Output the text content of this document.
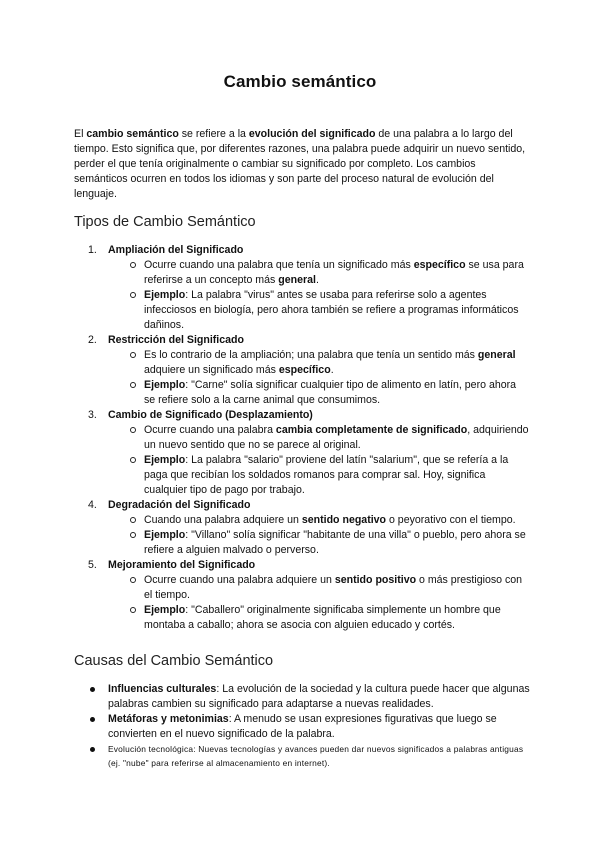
Cambio semántico

El cambio semántico se refiere a la evolución del significado de una palabra a lo largo del tiempo. Esto significa que, por diferentes razones, una palabra puede adquirir un nuevo sentido, perder el que tenía originalmente o cambiar su significado por completo. Los cambios semánticos ocurren en todos los idiomas y son parte del proceso natural de evolución del lenguaje.

Tipos de Cambio Semántico
1. Ampliación del Significado
Ocurre cuando una palabra que tenía un significado más específico se usa para referirse a un concepto más general.
Ejemplo: La palabra "virus" antes se usaba para referirse solo a agentes infecciosos en biología, pero ahora también se refiere a programas informáticos dañinos.
2. Restricción del Significado
Es lo contrario de la ampliación; una palabra que tenía un sentido más general adquiere un significado más específico.
Ejemplo: "Carne" solía significar cualquier tipo de alimento en latín, pero ahora se refiere solo a la carne animal que consumimos.
3. Cambio de Significado (Desplazamiento)
Ocurre cuando una palabra cambia completamente de significado, adquiriendo un nuevo sentido que no se parece al original.
Ejemplo: La palabra "salario" proviene del latín "salarium", que se refería a la paga que recibían los soldados romanos para comprar sal. Hoy, significa cualquier tipo de pago por trabajo.
4. Degradación del Significado
Cuando una palabra adquiere un sentido negativo o peyorativo con el tiempo.
Ejemplo: "Villano" solía significar "habitante de una villa" o pueblo, pero ahora se refiere a alguien malvado o perverso.
5. Mejoramiento del Significado
Ocurre cuando una palabra adquiere un sentido positivo o más prestigioso con el tiempo.
Ejemplo: "Caballero" originalmente significaba simplemente un hombre que montaba a caballo; ahora se asocia con alguien educado y cortés.
Causas del Cambio Semántico
Influencias culturales: La evolución de la sociedad y la cultura puede hacer que algunas palabras cambien su significado para adaptarse a nuevas realidades.
Metáforas y metonimias: A menudo se usan expresiones figurativas que luego se convierten en el nuevo significado de la palabra.
Evolución tecnológica: Nuevas tecnologías y avances pueden dar nuevos significados a palabras antiguas (ej. "nube" para referirse al almacenamiento en internet).
